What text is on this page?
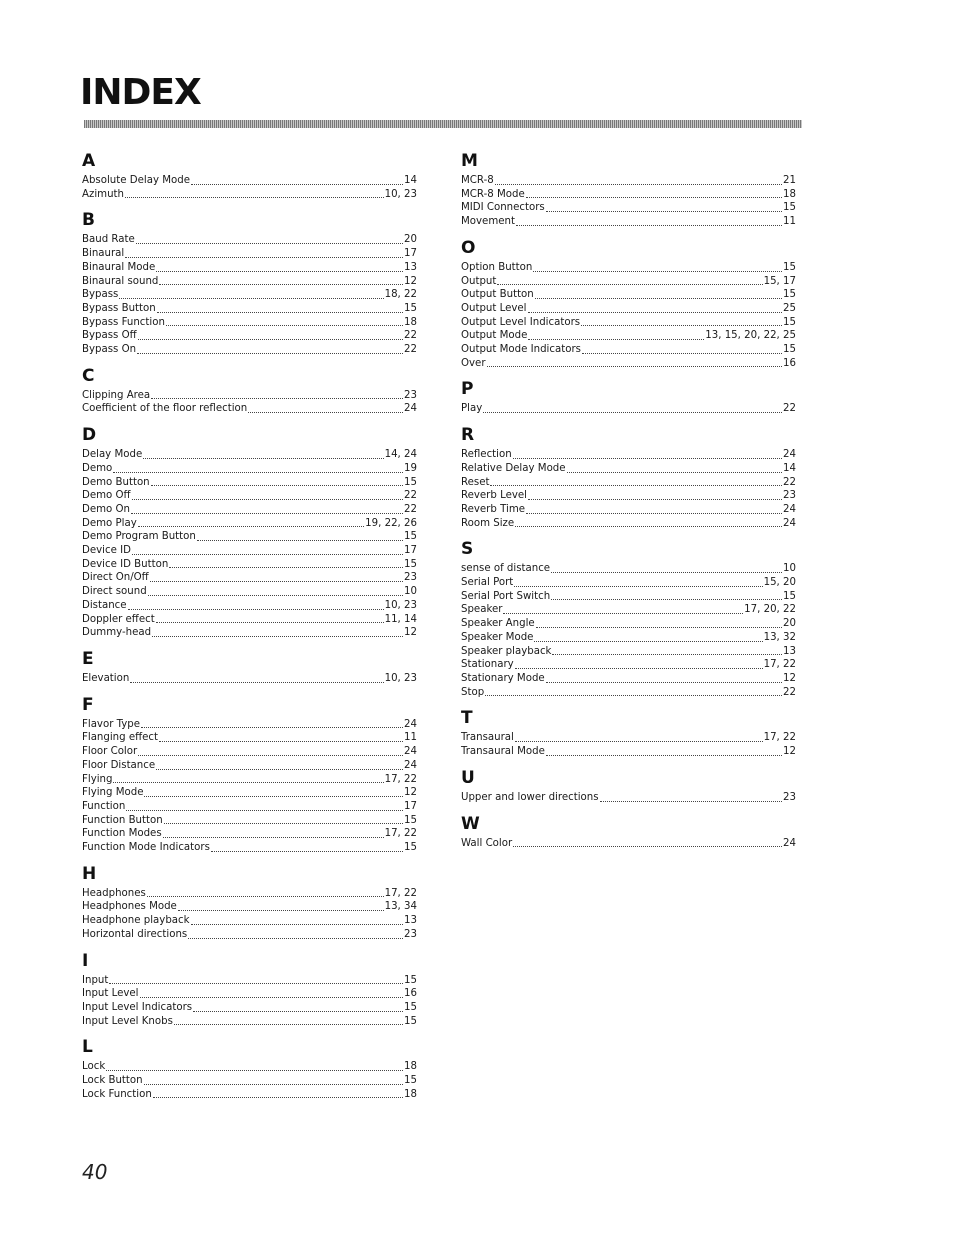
INDEX
A
Absolute Delay Mode	14
Azimuth	10, 23
B
Baud Rate	20
Binaural	17
Binaural Mode	13
Binaural sound	12
Bypass	18, 22
Bypass Button	15
Bypass Function	18
Bypass Off	22
Bypass On	22
C
Clipping Area	23
Coefficient of the floor reflection	24
D
Delay Mode	14, 24
Demo	19
Demo Button	15
Demo Off	22
Demo On	22
Demo Play	19, 22, 26
Demo Program Button	15
Device ID	17
Device ID Button	15
Direct On/Off	23
Direct sound	10
Distance	10, 23
Doppler effect	11, 14
Dummy-head	12
E
Elevation	10, 23
F
Flavor Type	24
Flanging effect	11
Floor Color	24
Floor Distance	24
Flying	17, 22
Flying Mode	12
Function	17
Function Button	15
Function Modes	17, 22
Function Mode Indicators	15
H
Headphones	17, 22
Headphones Mode	13, 34
Headphone playback	13
Horizontal directions	23
I
Input	15
Input Level	16
Input Level Indicators	15
Input Level Knobs	15
L
Lock	18
Lock Button	15
Lock Function	18
M
MCR-8	21
MCR-8 Mode	18
MIDI Connectors	15
Movement	11
O
Option Button	15
Output	15, 17
Output Button	15
Output Level	25
Output Level Indicators	15
Output Mode	13, 15, 20, 22, 25
Output Mode Indicators	15
Over	16
P
Play	22
R
Reflection	24
Relative Delay Mode	14
Reset	22
Reverb Level	23
Reverb Time	24
Room Size	24
S
sense of distance	10
Serial Port	15, 20
Serial Port Switch	15
Speaker	17, 20, 22
Speaker Angle	20
Speaker Mode	13, 32
Speaker playback	13
Stationary	17, 22
Stationary Mode	12
Stop	22
T
Transaural	17, 22
Transaural Mode	12
U
Upper and lower directions	23
W
Wall Color	24
40
